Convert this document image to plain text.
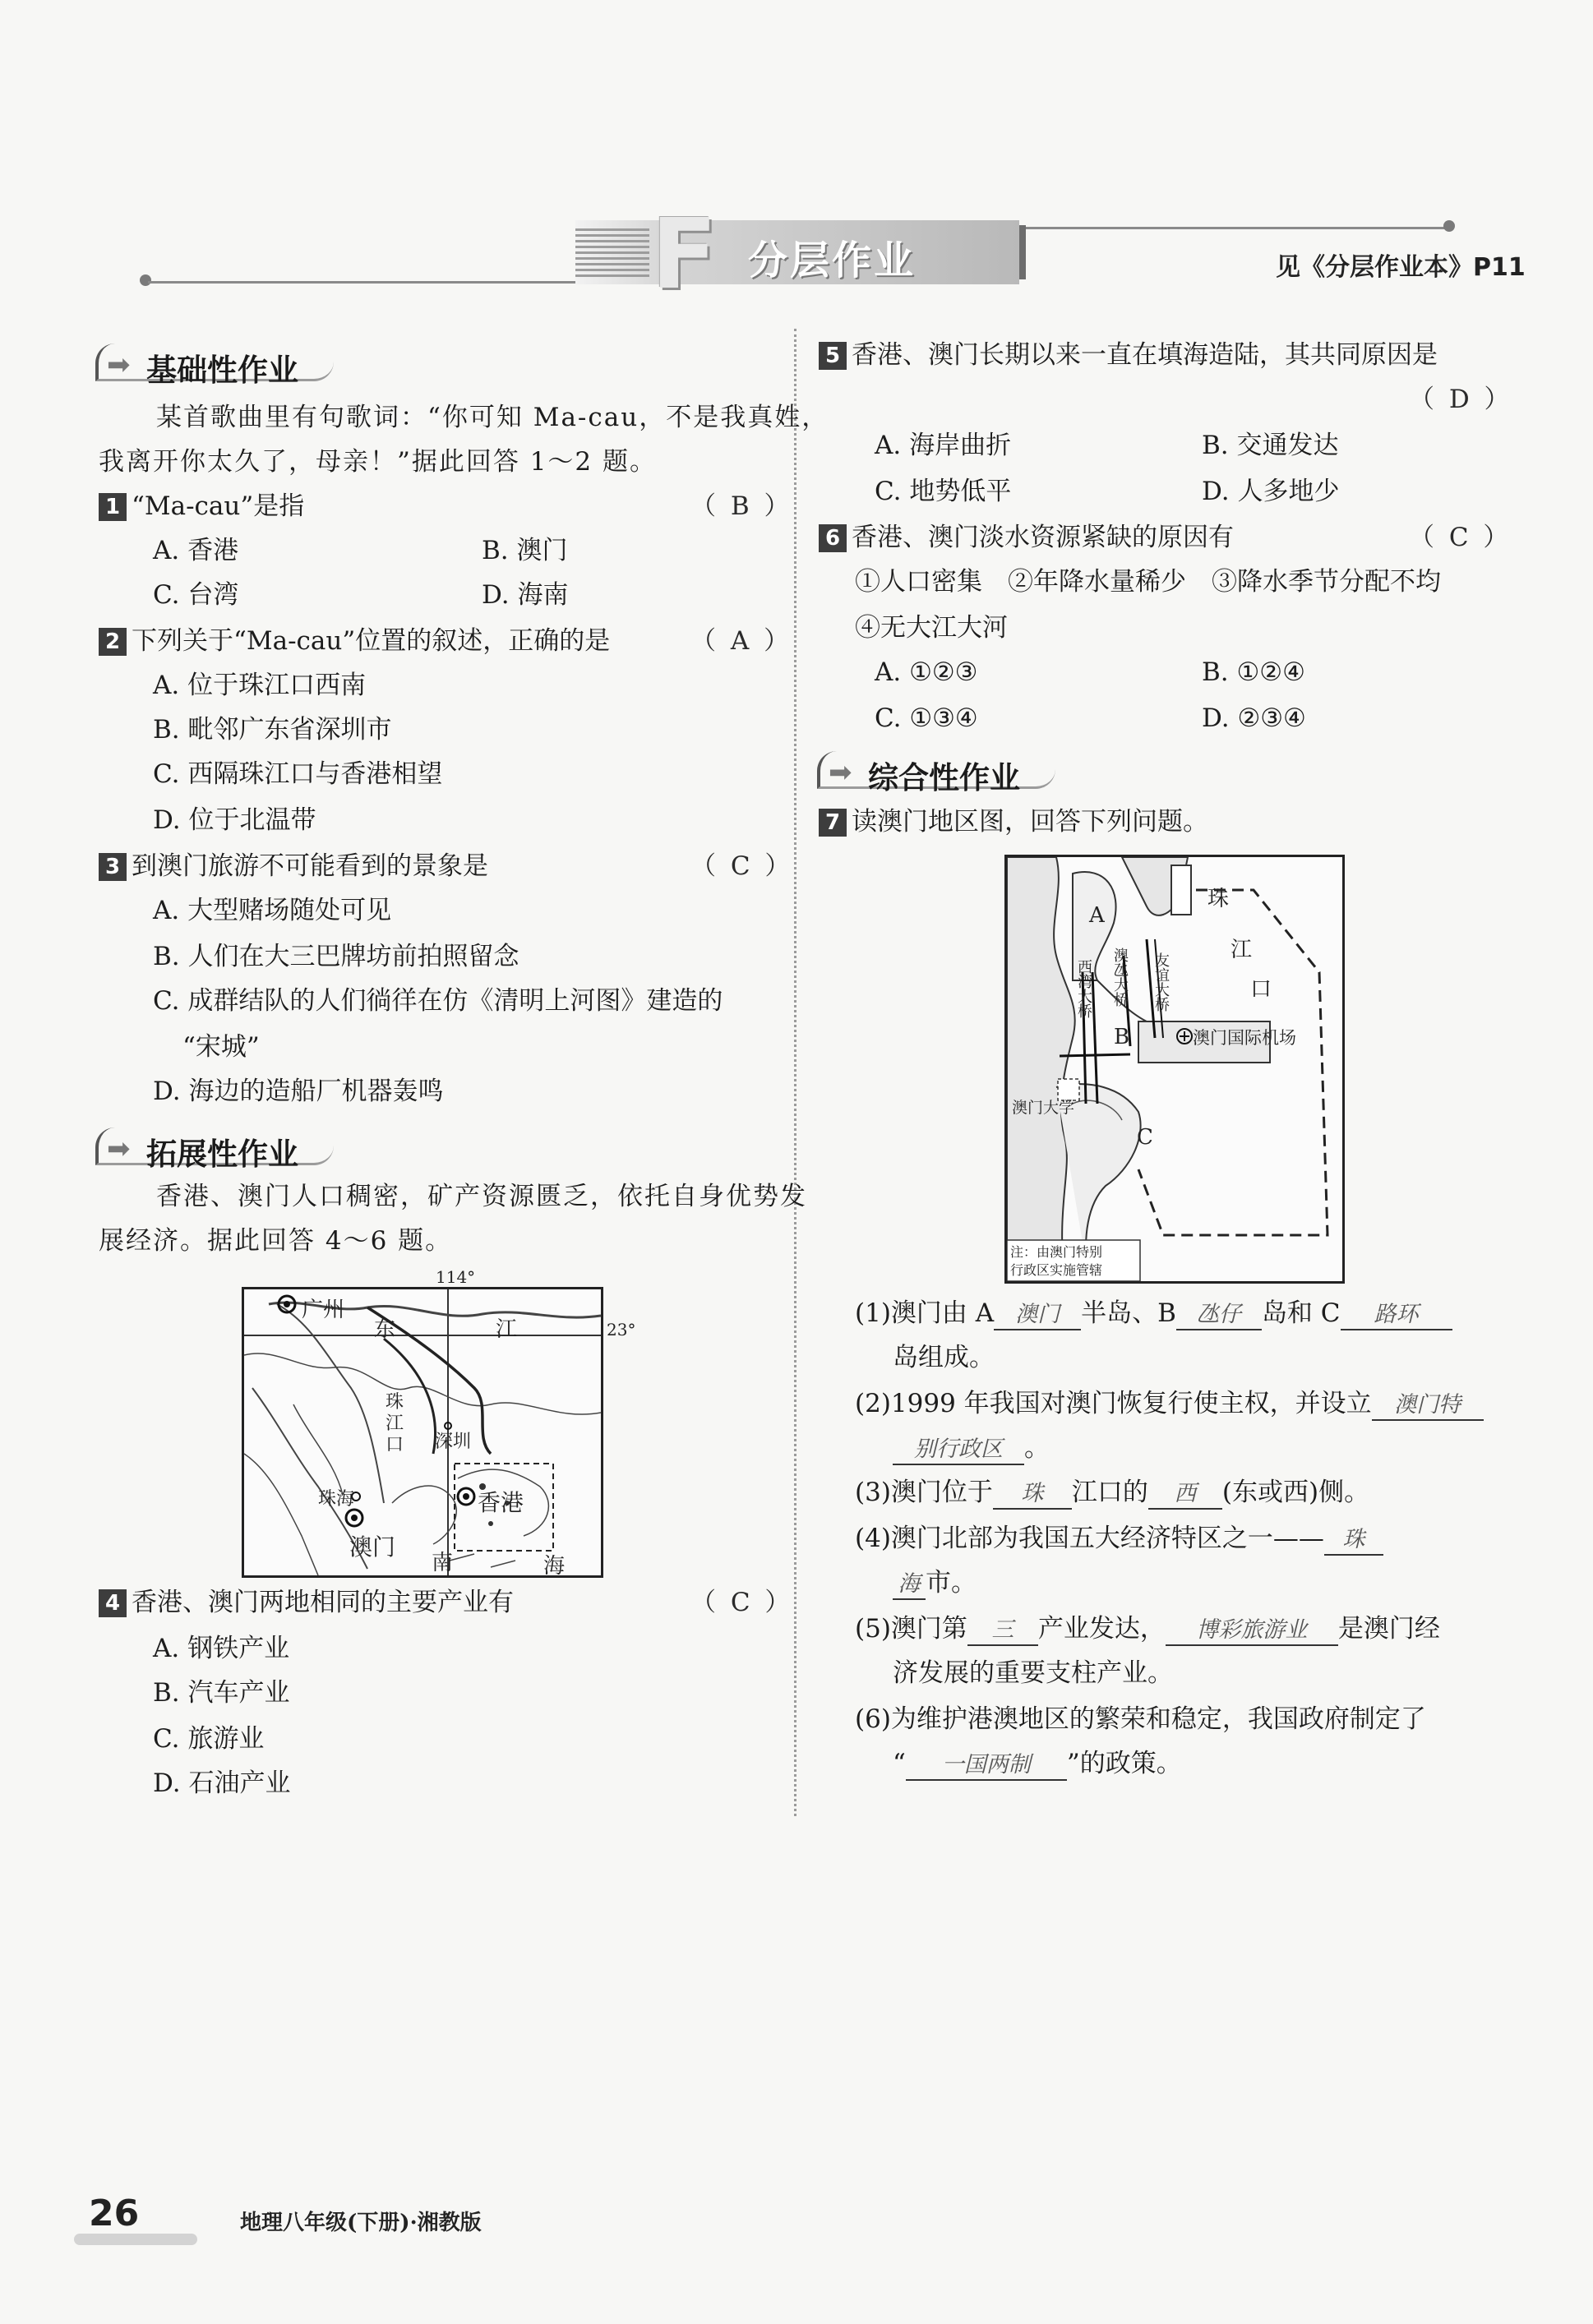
F 分层作业	见《分层作业本》P11
➡ 基础性作业
某首歌曲里有句歌词：“你可知 Ma-cau，不是我真姓，
我离开你太久了，母亲！”据此回答 1～2 题。
1 “Ma-cau”是指	（ B ）
A. 香港	B. 澳门
C. 台湾	D. 海南
2 下列关于“Ma-cau”位置的叙述，正确的是	（ A ）
A. 位于珠江口西南
B. 毗邻广东省深圳市
C. 西隔珠江口与香港相望
D. 位于北温带
3 到澳门旅游不可能看到的景象是	（ C ）
A. 大型赌场随处可见
B. 人们在大三巴牌坊前拍照留念
C. 成群结队的人们徜徉在仿《清明上河图》建造的
“宋城”
D. 海边的造船厂机器轰鸣
➡ 拓展性作业
香港、澳门人口稠密，矿产资源匮乏，依托自身优势发
展经济。据此回答 4～6 题。
114°
广州
东	江
珠
江
口 深圳
珠海	香港
澳门
南	海
23°
4 香港、澳门两地相同的主要产业有	（ C ）
A. 钢铁产业
B. 汽车产业
C. 旅游业
D. 石油产业
5 香港、澳门长期以来一直在填海造陆，其共同原因是
（ D ）
A. 海岸曲折	B. 交通发达
C. 地势低平	D. 人多地少
6 香港、澳门淡水资源紧缺的原因有	（ C ）
①人口密集　②年降水量稀少　③降水季节分配不均
④无大江大河
A. ①②③	B. ①②④
C. ①③④	D. ②③④
➡ 综合性作业
7 读澳门地区图，回答下列问题。
A
B
C
珠
江
口
友谊大桥
澳氹大桥
西湾大桥
澳门国际机场
澳门大学
注：由澳门特别
行政区实施管辖
(1)澳门由 A 澳门 半岛、B 氹仔 岛和 C 路环
岛组成。
(2)1999 年我国对澳门恢复行使主权，并设立 澳门特
别行政区 。
(3)澳门位于 珠 江口的 西 (东或西)侧。
(4)澳门北部为我国五大经济特区之一—— 珠
海 市。
(5)澳门第 三 产业发达， 博彩旅游业 是澳门经
济发展的重要支柱产业。
(6)为维护港澳地区的繁荣和稳定，我国政府制定了
“ 一国两制 ”的政策。
26	地理八年级(下册)·湘教版
